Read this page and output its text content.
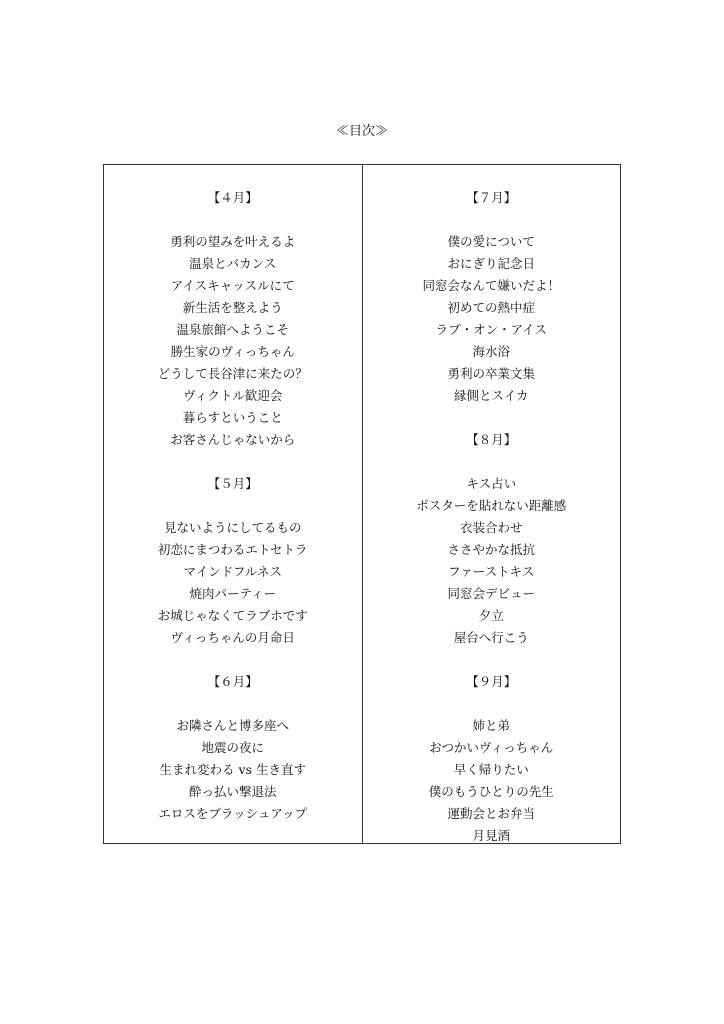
≪目次≫
【４月】
勇利の望みを叶えるよ
温泉とバカンス
アイスキャッスルにて
新生活を整えよう
温泉旅館へようこそ
勝生家のヴィっちゃん
どうして長谷津に来たの？
ヴィクトル歓迎会
暮らすということ
お客さんじゃないから
【５月】
見ないようにしてるもの
初恋にまつわるエトセトラ
マインドフルネス
焼肉パーティー
お城じゃなくてラブホです
ヴィっちゃんの月命日
【６月】
お隣さんと博多座へ
地震の夜に
生まれ変わる vs 生き直す
酔っ払い撃退法
エロスをブラッシュアップ
【７月】
僕の愛について
おにぎり記念日
同窓会なんて嫌いだよ！
初めての熱中症
ラブ・オン・アイス
海水浴
勇利の卒業文集
縁側とスイカ
【８月】
キス占い
ポスターを貼れない距離感
衣装合わせ
ささやかな抵抗
ファーストキス
同窓会デビュー
夕立
屋台へ行こう
【９月】
姉と弟
おつかいヴィっちゃん
早く帰りたい
僕のもうひとりの先生
運動会とお弁当
月見酒
